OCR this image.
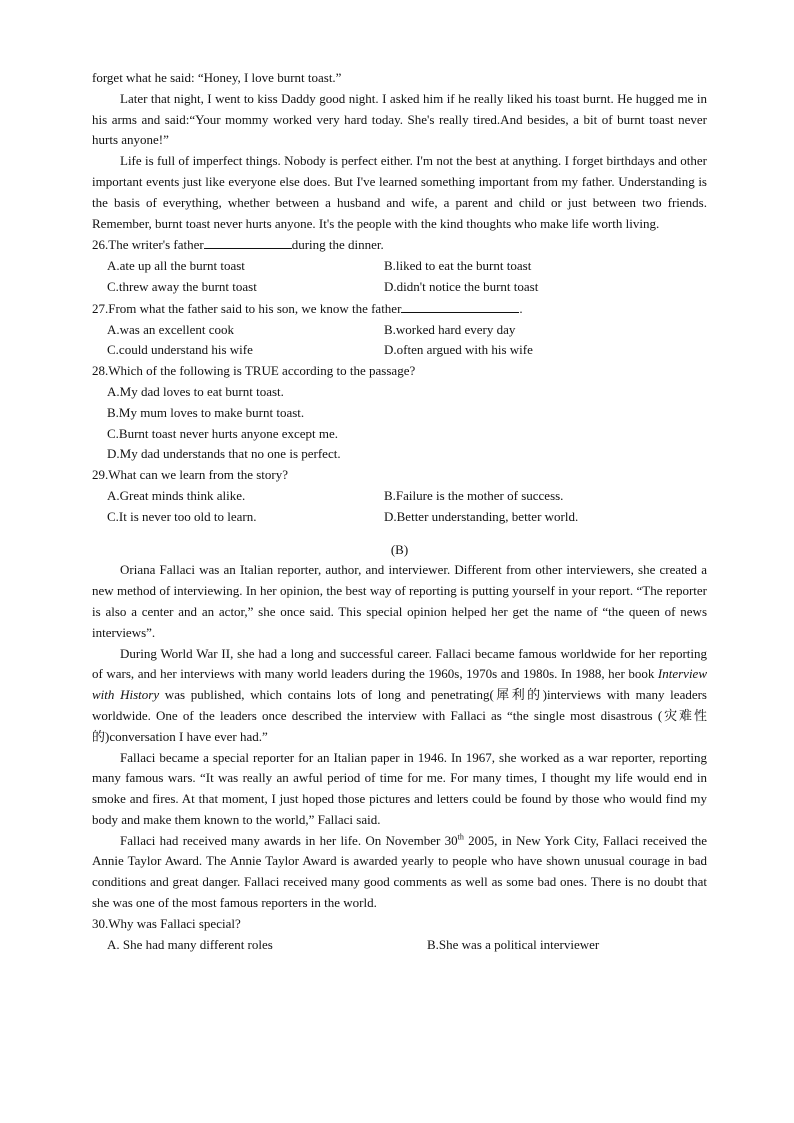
forget what he said: “Honey, I love burnt toast.”

Later that night, I went to kiss Daddy good night. I asked him if he really liked his toast burnt. He hugged me in his arms and said:“Your mommy worked very hard today. She's really tired.And besides, a bit of burnt toast never hurts anyone!”

Life is full of imperfect things. Nobody is perfect either. I'm not the best at anything. I forget birthdays and other important events just like everyone else does. But I've learned something important from my father. Understanding is the basis of everything, whether between a husband and wife, a parent and child or just between two friends. Remember, burnt toast never hurts anyone. It's the people with the kind thoughts who make life worth living.

26.The writer's father	during the dinner.

A.ate up all the burnt toast	B.liked to eat the burnt toast

C.threw away the burnt toast	D.didn't notice the burnt toast

27.From what the father said to his son, we know the father	.

A.was an excellent cook	B.worked hard every day

C.could understand his wife	D.often argued with his wife

28.Which of the following is TRUE according to the passage?

A.My dad loves to eat burnt toast.

B.My mum loves to make burnt toast.

C.Burnt toast never hurts anyone except me.

D.My dad understands that no one is perfect.

29.What can we learn from the story?

A.Great minds think alike.	B.Failure is the mother of success.

C.It is never too old to learn.	D.Better understanding, better world.

(B)

Oriana Fallaci was an Italian reporter, author, and interviewer. Different from other interviewers, she created a new method of interviewing. In her opinion, the best way of reporting is putting yourself in your report. “The reporter is also a center and an actor,” she once said. This special opinion helped her get the name of “the queen of news interviews”.

During World War II, she had a long and successful career. Fallaci became famous worldwide for her reporting of wars, and her interviews with many world leaders during the 1960s, 1970s and 1980s. In 1988, her book Interview with History was published, which contains lots of long and penetrating(犀利的)interviews with many leaders worldwide. One of the leaders once described the interview with Fallaci as “the single most disastrous (灾难性的)conversation I have ever had.”

Fallaci became a special reporter for an Italian paper in 1946. In 1967, she worked as a war reporter, reporting many famous wars. “It was really an awful period of time for me. For many times, I thought my life would end in smoke and fires. At that moment, I just hoped those pictures and letters could be found by those who would find my body and make them known to the world,” Fallaci said.

Fallaci had received many awards in her life. On November 30th 2005, in New York City, Fallaci received the Annie Taylor Award. The Annie Taylor Award is awarded yearly to people who have shown unusual courage in bad conditions and great danger. Fallaci received many good comments as well as some bad ones. There is no doubt that she was one of the most famous reporters in the world.

30.Why was Fallaci special?

A. She had many different roles	B.She was a political interviewer
